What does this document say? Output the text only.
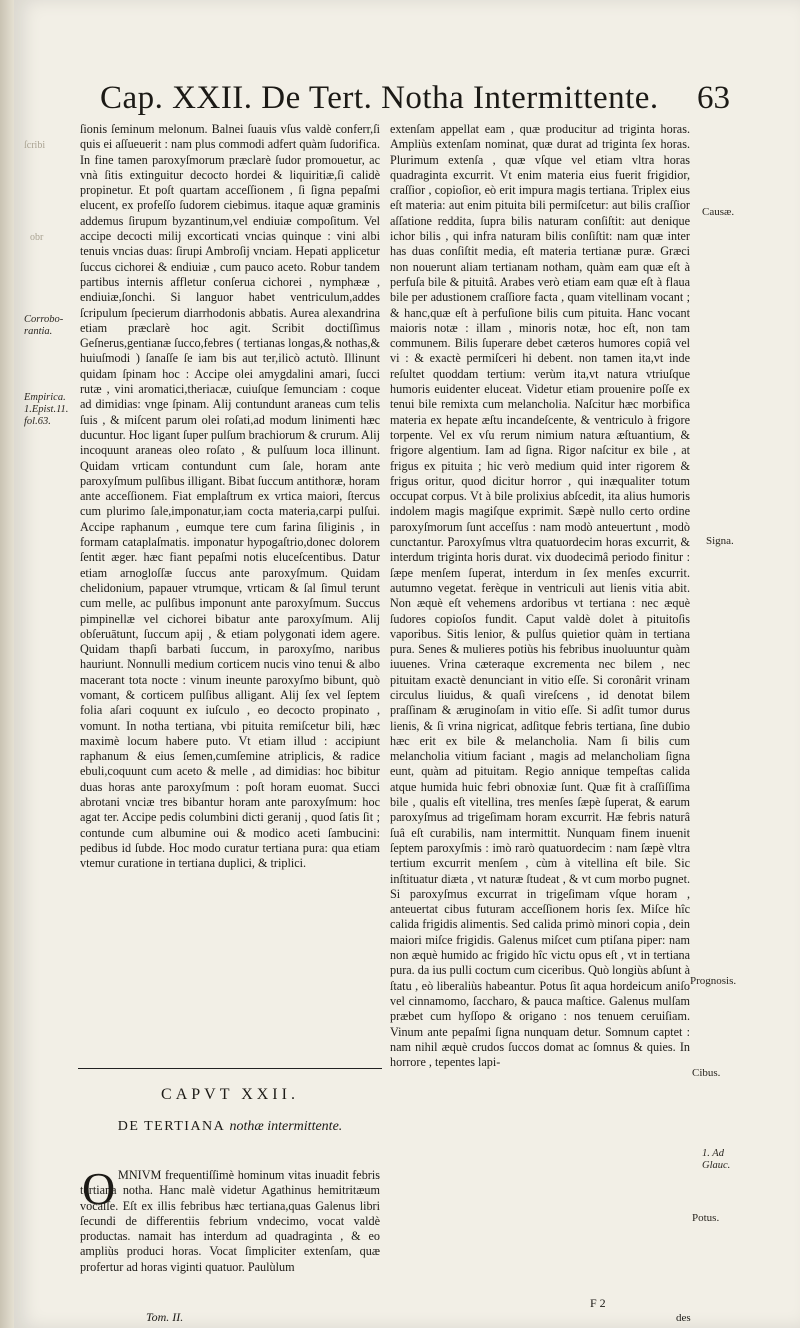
ſcribi
obr
Cap. XXII. De Tert. Notha Intermittente. 63
Corrobo-
rantia.
Empirica.
1.Epist.11.
fol.63.

ſionis ſeminum melonum. Balnei ſuauis vſus valdè conferr,ſi quis ei aſſueuerit : nam plus commodi adfert quàm ſudorifica. In fine tamen paroxyſmorum præclarè ſudor promouetur, ac vnà ſitis extinguitur decocto hordei & liquiritiæ,ſi calidè propinetur. Et poſt quartam acceſſionem , ſi ſigna pepaſmi elucent, ex profeſſo ſudorem ciebimus. itaque aquæ graminis addemus ſirupum byzantinum,vel endiuiæ compoſitum. Vel accipe decocti milij excorticati vncias quinque : vini albi tenuis vncias duas: ſirupi Ambroſij vnciam. Hepati applicetur ſuccus cichorei & endiuiæ , cum pauco aceto. Robur tandem partibus internis affletur conſerua cichorei , nymphææ , endiuiæ,ſonchi. Si languor habet ventriculum,addes ſcripulum ſpecierum diarrhodonis abbatis. Aurea alexandrina etiam præclarè hoc agit. Scribit doctiſſimus Geſnerus,gentianæ ſucco,febres ( tertianas longas,& nothas,& huiuſmodi ) ſanaſſe ſe iam bis aut ter,ilicò actutò. Illinunt quidam ſpinam hoc : Accipe olei amygdalini amari, ſucci rutæ , vini aromatici,theriacæ, cuiuſque ſemunciam : coque ad dimidias: vnge ſpinam. Alij contundunt araneas cum telis ſuis , & miſcent parum olei roſati,ad modum linimenti hæc ducuntur. Hoc ligant ſuper pulſum brachiorum & crurum. Alij incoquunt araneas oleo roſato , & pulſuum loca illinunt. Quidam vrticam contundunt cum ſale, horam ante paroxyſmum pulſibus illigant. Bibat ſuccum antithoræ, horam ante acceſſionem. Fiat emplaſtrum ex vrtica maiori, ſtercus cum plurimo ſale,imponatur,iam cocta materia,carpi pulſui. Accipe raphanum , eumque tere cum farina ſiliginis , in formam cataplaſmatis. imponatur hypogaſtrio,donec dolorem ſentit æger. hæc fiant pepaſmi notis eluceſcentibus. Datur etiam arnogloſſæ ſuccus ante paroxyſmum. Quidam chelidonium, papauer vtrumque, vrticam & ſal ſimul terunt cum melle, ac pulſibus imponunt ante paroxyſmum. Succus pimpinellæ vel cichorei bibatur ante paroxyſmum. Alij obſeruātunt, ſuccum apij , & etiam polygonati idem agere. Quidam thapſi barbati ſuccum, in paroxyſmo, naribus hauriunt. Nonnulli medium corticem nucis vino tenui & albo macerant tota nocte : vinum ineunte paroxyſmo bibunt, quò vomant, & corticem pulſibus alligant. Alij ſex vel ſeptem folia aſari coquunt ex iuſculo , eo decocto propinato , vomunt. In notha tertiana, vbi pituita remiſcetur bili, hæc maximè locum habere puto. Vt etiam illud : accipiunt raphanum & eius ſemen,cumſemine atriplicis, & radice ebuli,coquunt cum aceto & melle , ad dimidias: hoc bibitur duas horas ante paroxyſmum : poſt horam euomat. Succi abrotani vnciæ tres bibantur horam ante paroxyſmum: hoc agat ter. Accipe pedis columbini dicti geranij , quod ſatis ſit ; contunde cum albumine oui & modico aceti ſambucini: pedibus id ſubde. Hoc modo curatur tertiana pura: qua etiam vtemur curatione in tertiana duplici, & triplici.

CAPVT XXII.
DE TERTIANA nothæ intermittente.
O MNIVM frequentiſſimè hominum vitas inuadit febris tertiana notha. Hanc malè videtur Agathinus hemitritæum vocaſſe. Eſt ex illis febribus hæc tertiana,quas Galenus libri ſecundi de differentiis febrium vndecimo, vocat valdè productas. namait has interdum ad quadraginta , & eo ampliùs produci horas. Vocat ſimpliciter extenſam, quæ profertur ad horas viginti quatuor. Paulùlum

extenſam appellat eam , quæ producitur ad triginta horas. Ampliùs extenſam nominat, quæ durat ad triginta ſex horas. Plurimum extenſa , quæ vſque vel etiam vltra horas quadraginta excurrit. Vt enim materia eius fuerit frigidior, craſſior , copioſior, eò erit impura magis tertiana. Triplex eius eſt materia: aut enim pituita bili permiſcetur: aut bilis craſſior aſſatione reddita, ſupra bilis naturam conſiſtit: aut denique ichor bilis , qui infra naturam bilis conſiſtit: nam quæ inter has duas conſiſtit media, eſt materia tertianæ puræ. Græci non nouerunt aliam tertianam notham, quàm eam quæ eſt à perfuſa bile & pituitâ. Arabes verò etiam eam quæ eſt à flaua bile per adustionem craſſiore facta , quam vitellinam vocant ; & hanc,quæ eſt à perfuſione bilis cum pituita. Hanc vocant maioris notæ : illam , minoris notæ, hoc eſt, non tam communem. Bilis ſuperare debet cæteros humores copiâ vel vi : & exactè permiſceri hi debent. non tamen ita,vt inde reſultet quoddam tertium: verùm ita,vt natura vtriuſque humoris euidenter eluceat. Videtur etiam prouenire poſſe ex tenui bile remixta cum melancholia. Naſcitur hæc morbifica materia ex hepate æſtu incandeſcente, & ventriculo à frigore torpente. Vel ex vſu rerum nimium natura æſtuantium, & frigore algentium. Iam ad ſigna. Rigor naſcitur ex bile , at frigus ex pituita ; hic verò medium quid inter rigorem & frigus oritur, quod dicitur horror , qui inæqualiter totum occupat corpus. Vt à bile prolixius abſcedit, ita alius humoris indolem magis magiſque exprimit. Sæpè nullo certo ordine paroxyſmorum ſunt acceſſus : nam modò anteuertunt , modò cunctantur. Paroxyſmus vltra quatuordecim horas excurrit, & interdum triginta horis durat. vix duodecimâ periodo finitur : ſæpe menſem ſuperat, interdum in ſex menſes excurrit. autumno vegetat. ferèque in ventriculi aut lienis vitia abit. Non æquè eſt vehemens ardoribus vt tertiana : nec æquè ſudores copioſos fundit. Caput valdè dolet à pituitoſis vaporibus. Sitis lenior, & pulſus quietior quàm in tertiana pura. Senes & mulieres potiùs his febribus inuoluuntur quàm iuuenes. Vrina cæteraque excrementa nec bilem , nec pituitam exactè denunciant in vitio eſſe. Si coronârit vrinam circulus liuidus, & quaſi vireſcens , id denotat bilem praſſinam & æruginoſam in vitio eſſe. Si adſit tumor durus lienis, & ſi vrina nigricat, adſitque febris tertiana, ſine dubio hæc erit ex bile & melancholia. Nam ſi bilis cum melancholia vitium faciant , magis ad melancholiam ſigna eunt, quàm ad pituitam. Regio annique tempeſtas calida atque humida huic febri obnoxiæ ſunt. Quæ fit à craſſiſſima bile , qualis eſt vitellina, tres menſes ſæpè ſuperat, & earum paroxyſmus ad trigeſimam horam excurrit. Hæ febris naturâ ſuâ eſt curabilis, nam intermittit. Nunquam finem inuenit ſeptem paroxyſmis : imò rarò quatuordecim : nam ſæpè vltra tertium excurrit menſem , cùm à vitellina eſt bile. Sic inſtituatur diæta , vt naturæ ſtudeat , & vt cum morbo pugnet. Si paroxyſmus excurrat in trigeſimam vſque horam , anteuertat cibus futuram acceſſionem horis ſex. Miſce hîc calida frigidis alimentis. Sed calida primò minori copia , dein maiori miſce frigidis. Galenus miſcet cum ptiſana piper: nam non æquè humido ac frigido hîc victu opus eſt , vt in tertiana pura. da ius pulli coctum cum ciceribus. Quò longiùs abſunt à ſtatu , eò liberaliùs habeantur. Potus ſit aqua hordeicum aniſo vel cinnamomo, ſaccharo, & pauca maſtice. Galenus mulſam præbet cum hyſſopo & origano : nos tenuem ceruiſiam. Vinum ante pepaſmi ſigna nunquam detur. Somnum captet : nam nihil æquè crudos ſuccos domat ac ſomnus & quies. In horrore , tepentes lapi-

Causæ.
Signa.
Prognosis.
Cibus.
1. Ad
Glauc.
Potus.
Tom. II.
F 2
des
